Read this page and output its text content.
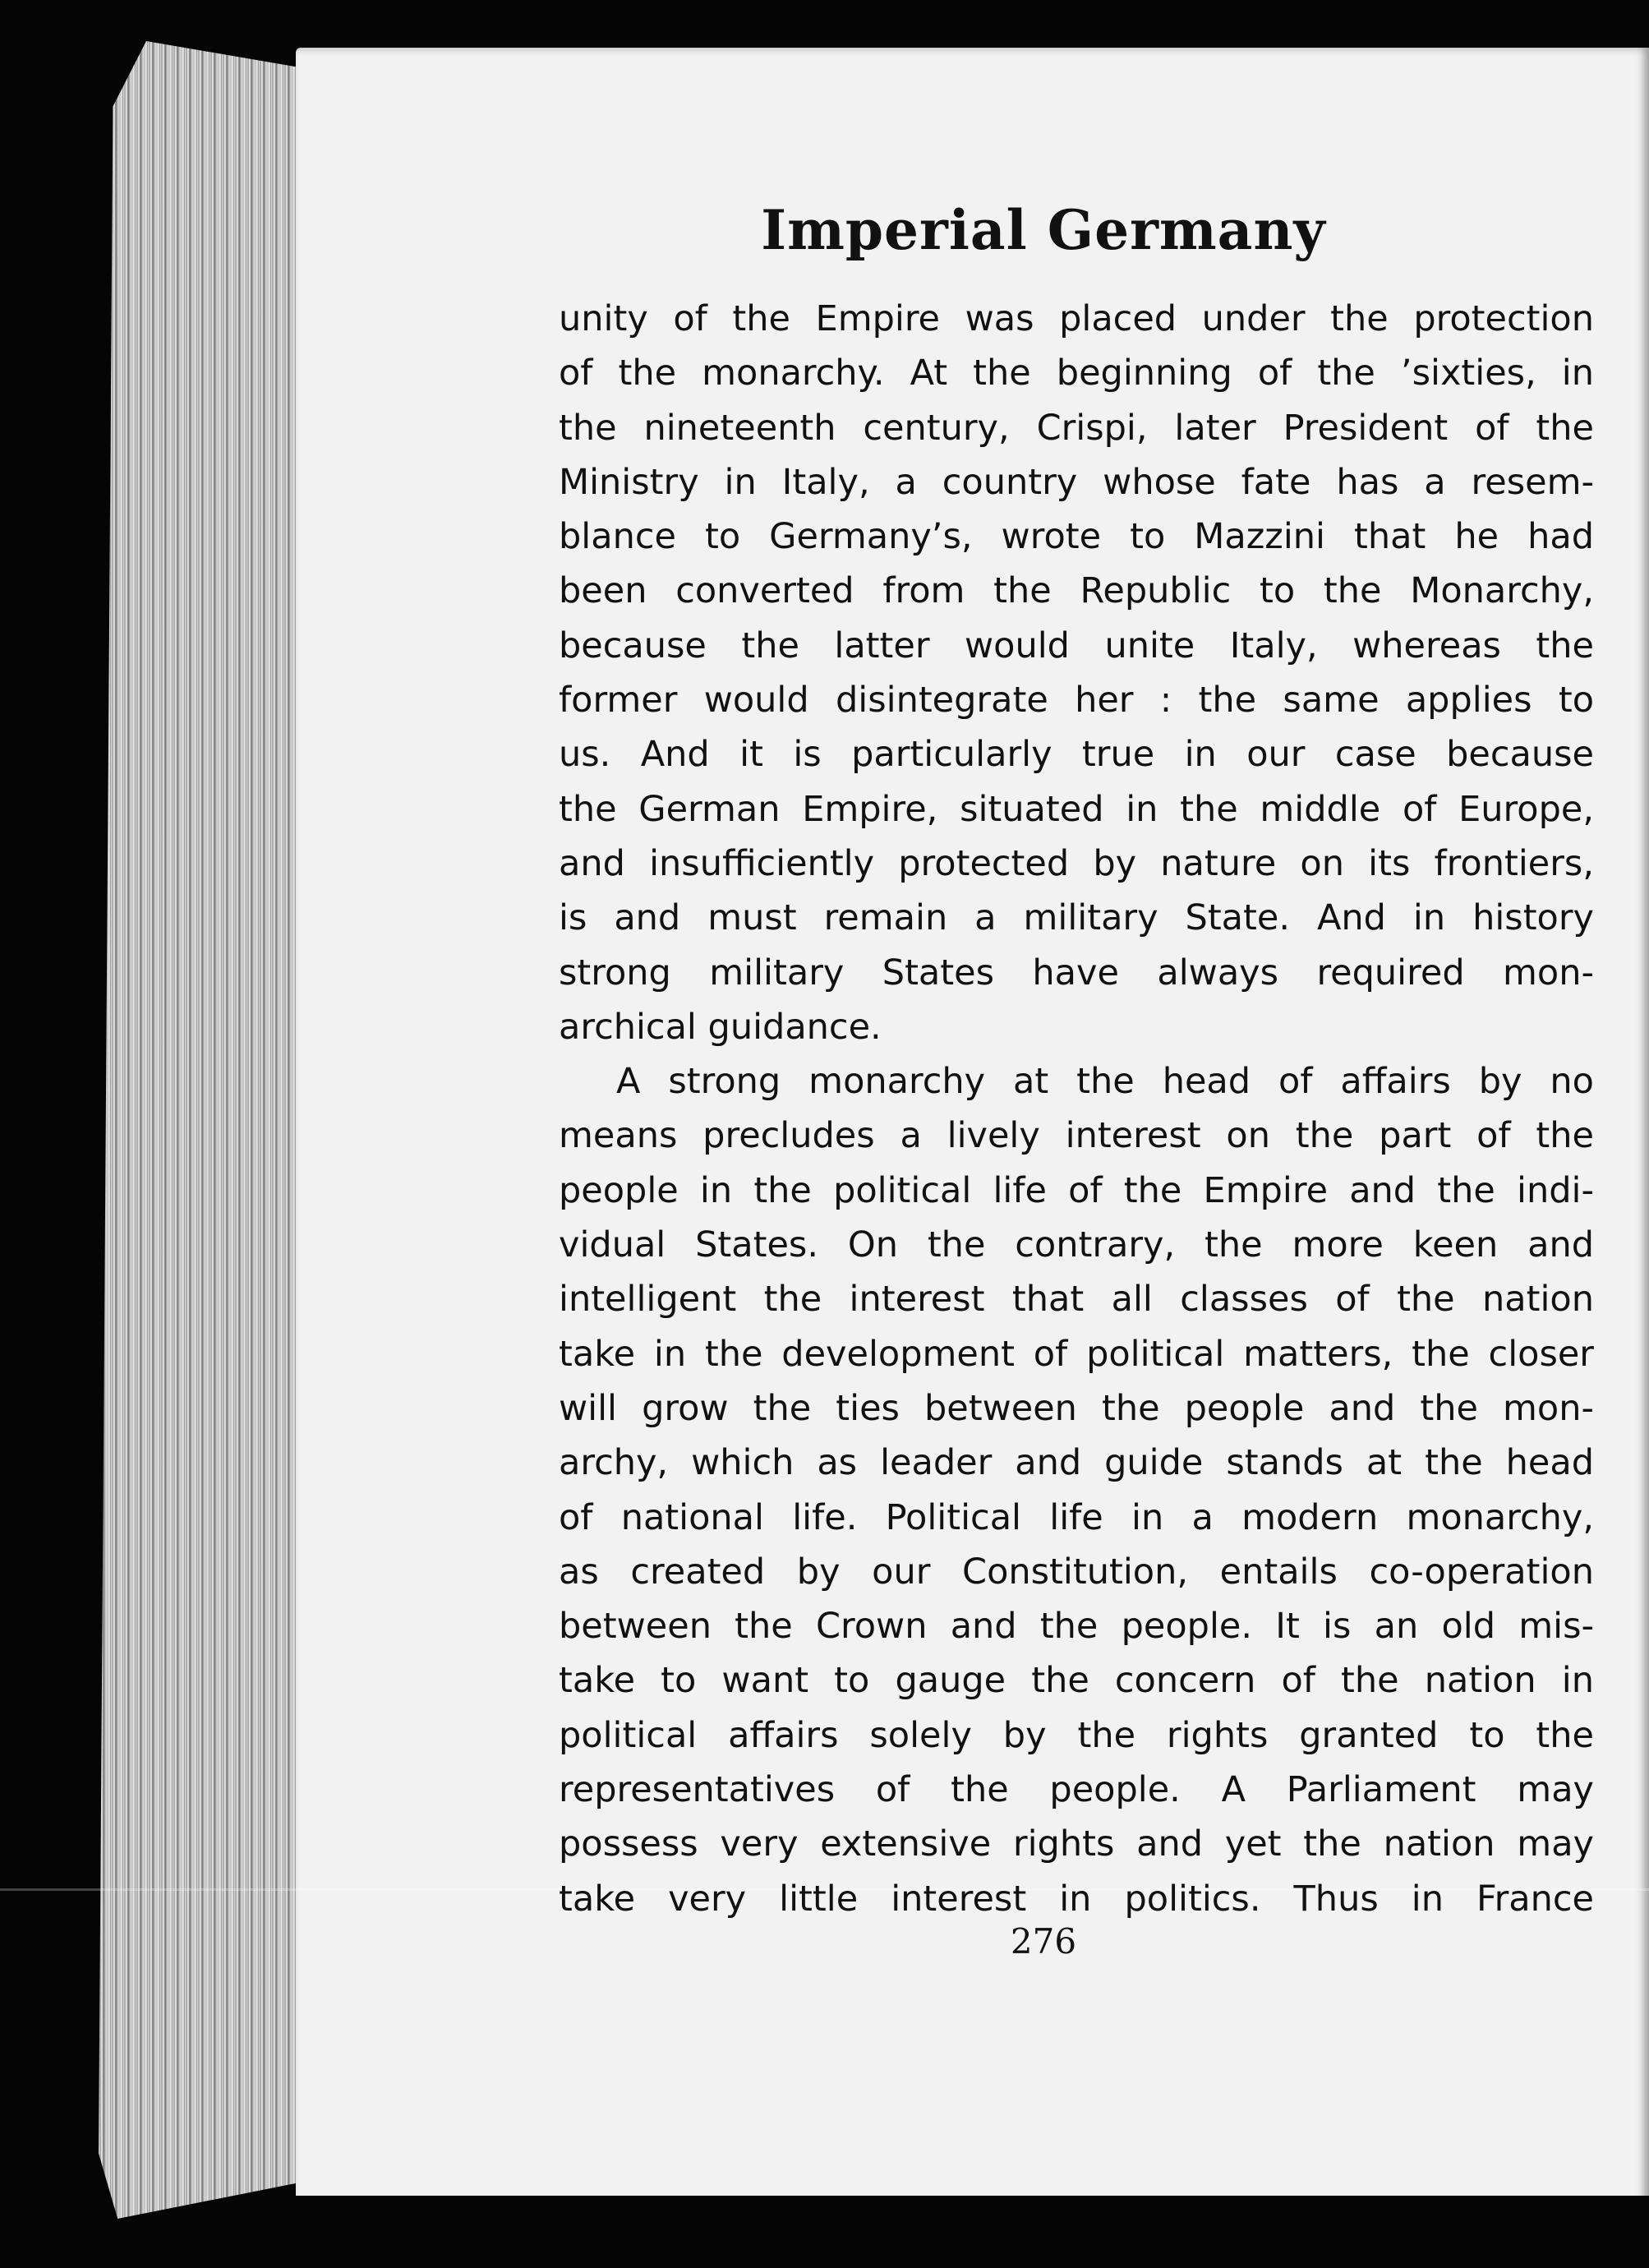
Imperial Germany
unity of the Empire was placed under the protection
of the monarchy. At the beginning of the ’sixties, in
the nineteenth century, Crispi, later President of the
Ministry in Italy, a country whose fate has a resem-
blance to Germany’s, wrote to Mazzini that he had
been converted from the Republic to the Monarchy,
because the latter would unite Italy, whereas the
former would disintegrate her : the same applies to
us. And it is particularly true in our case because
the German Empire, situated in the middle of Europe,
and insufficiently protected by nature on its frontiers,
is and must remain a military State. And in history
strong military States have always required mon-
archical guidance.
A strong monarchy at the head of affairs by no
means precludes a lively interest on the part of the
people in the political life of the Empire and the indi-
vidual States. On the contrary, the more keen and
intelligent the interest that all classes of the nation
take in the development of political matters, the closer
will grow the ties between the people and the mon-
archy, which as leader and guide stands at the head
of national life. Political life in a modern monarchy,
as created by our Constitution, entails co-operation
between the Crown and the people. It is an old mis-
take to want to gauge the concern of the nation in
political affairs solely by the rights granted to the
representatives of the people. A Parliament may
possess very extensive rights and yet the nation may
take very little interest in politics. Thus in France
276
